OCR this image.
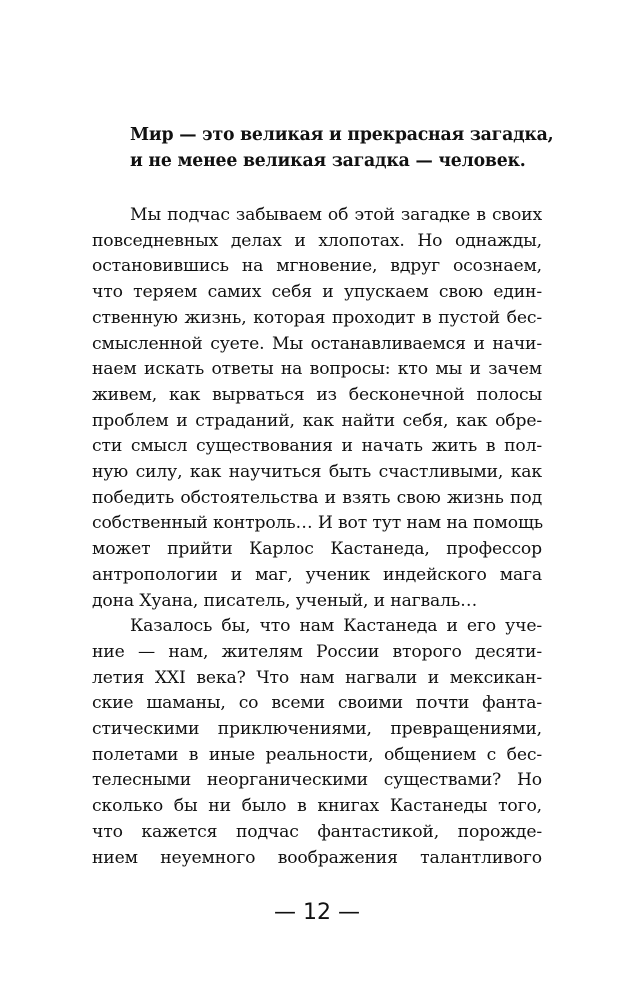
Мир — это великая и прекрасная загадка,
и не менее великая загадка — человек.
Мы подчас забываем об этой загадке в своих
повседневных делах и хлопотах. Но однажды,
остановившись на мгновение, вдруг осознаем,
что теряем самих себя и упускаем свою един-
ственную жизнь, которая проходит в пустой бес-
смысленной суете. Мы останавливаемся и начи-
наем искать ответы на вопросы: кто мы и зачем
живем, как вырваться из бесконечной полосы
проблем и страданий, как найти себя, как обре-
сти смысл существования и начать жить в пол-
ную силу, как научиться быть счастливыми, как
победить обстоятельства и взять свою жизнь под
собственный контроль… И вот тут нам на помощь
может прийти Карлос Кастанеда, профессор
антропологии и маг, ученик индейского мага
дона Хуана, писатель, ученый, и нагваль…
Казалось бы, что нам Кастанеда и его уче-
ние — нам, жителям России второго десяти-
летия XXI века? Что нам нагвали и мексикан-
ские шаманы, со всеми своими почти фанта-
стическими приключениями, превращениями,
полетами в иные реальности, общением с бес-
телесными неорганическими существами? Но
сколько бы ни было в книгах Кастанеды того,
что кажется подчас фантастикой, порожде-
нием неуемного воображения талантливого
— 12 —
